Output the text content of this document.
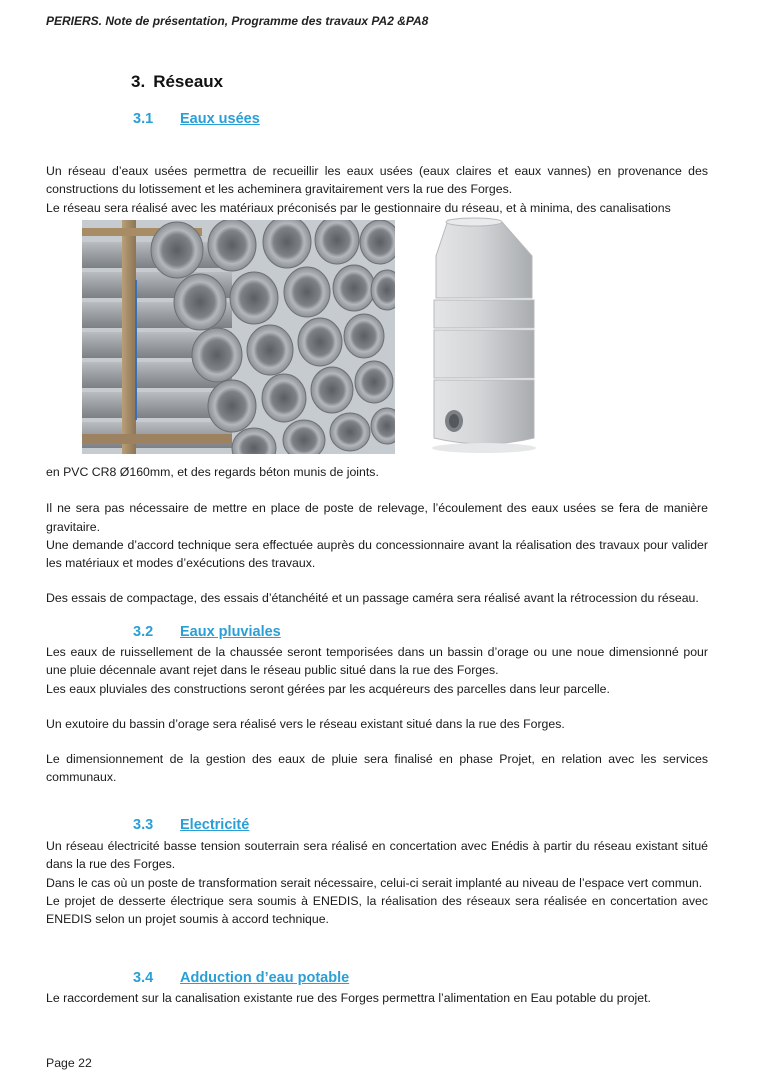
PERIERS. Note de présentation, Programme des travaux PA2 &PA8
3. Réseaux
3.1 Eaux usées

Un réseau d’eaux usées permettra de recueillir les eaux usées (eaux claires et eaux vannes) en provenance des constructions du lotissement et les acheminera gravitairement vers la rue des Forges.

Le réseau sera réalisé avec les matériaux préconisés par le gestionnaire du réseau, et à minima, des canalisations

en PVC CR8 Ø160mm, et des regards béton munis de joints.

Il ne sera pas nécessaire de mettre en place de poste de relevage, l’écoulement des eaux usées se fera de manière gravitaire.

Une demande d’accord technique sera effectuée auprès du concessionnaire avant la réalisation des travaux pour valider les matériaux et modes d’exécutions des travaux.

Des essais de compactage, des essais d’étanchéité et un passage caméra sera réalisé avant la rétrocession du réseau.

3.2 Eaux pluviales

Les eaux de ruissellement de la chaussée seront temporisées dans un bassin d’orage ou une noue dimensionné pour une pluie décennale avant rejet dans le réseau public situé dans la rue des Forges.

Les eaux pluviales des constructions seront gérées par les acquéreurs des parcelles dans leur parcelle.

Un exutoire du bassin d’orage sera réalisé vers le réseau existant situé dans la rue des Forges.

Le dimensionnement de la gestion des eaux de pluie sera finalisé en phase Projet, en relation avec les services communaux.

3.3 Electricité

Un réseau électricité basse tension souterrain sera réalisé en concertation avec Enédis à partir du réseau existant situé dans la rue des Forges.

Dans le cas où un poste de transformation serait nécessaire, celui-ci serait implanté au niveau de l’espace vert commun.

Le projet de desserte électrique sera soumis à ENEDIS, la réalisation des réseaux sera réalisée en concertation avec ENEDIS selon un projet soumis à accord technique.

3.4 Adduction d’eau potable

Le raccordement sur la canalisation existante rue des Forges permettra l’alimentation en Eau potable du projet.

Page 22
